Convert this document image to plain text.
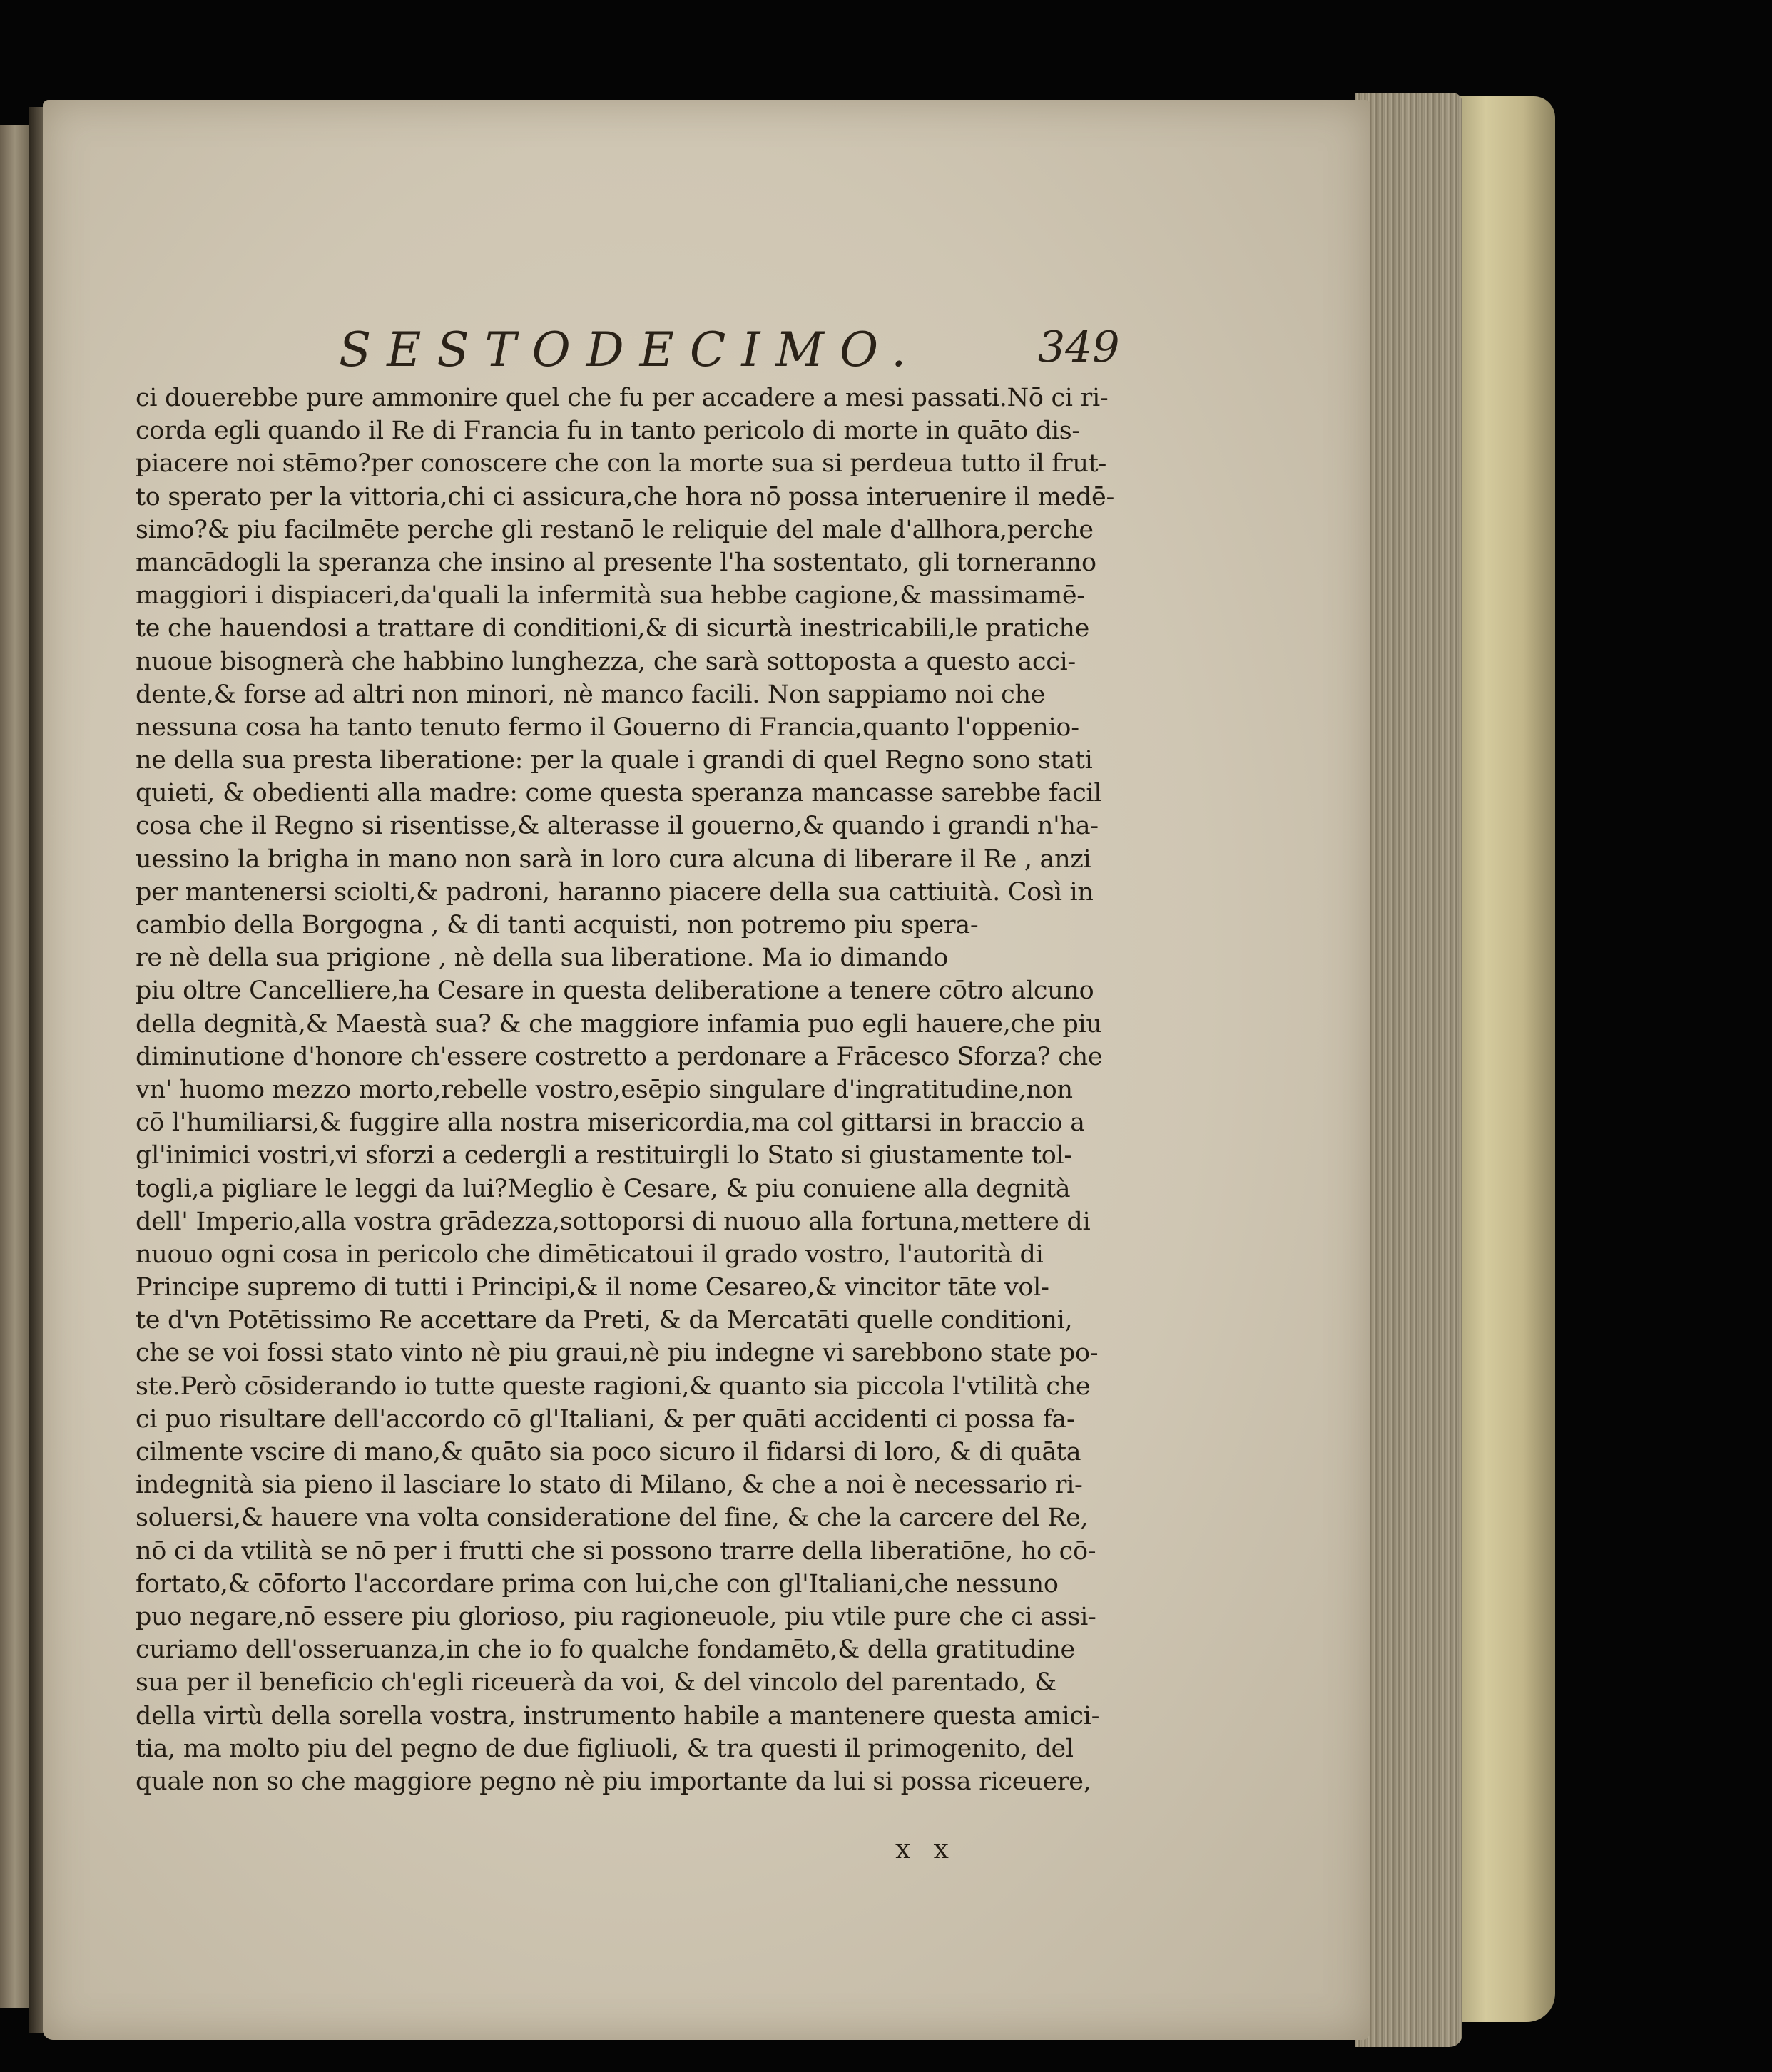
SESTODECIMO.	349
ci douerebbe pure ammonire quel che fu per accadere a mesi passati.Nō ci ri-
corda egli quando il Re di Francia fu in tanto pericolo di morte in quāto dis-
piacere noi stēmo?per conoscere che con la morte sua si perdeua tutto il frut-
to sperato per la vittoria,chi ci assicura,che hora nō possa interuenire il medē-
simo?& piu facilmēte perche gli restanō le reliquie del male d'allhora,perche
mancādogli la speranza che insino al presente l'ha sostentato, gli torneranno
maggiori i dispiaceri,da'quali la infermità sua hebbe cagione,& massimamē-
te che hauendosi a trattare di conditioni,& di sicurtà inestricabili,le pratiche
nuoue bisognerà che habbino lunghezza, che sarà sottoposta a questo acci-
dente,& forse ad altri non minori, nè manco facili. Non sappiamo noi che
nessuna cosa ha tanto tenuto fermo il Gouerno di Francia,quanto l'oppenio-
ne della sua presta liberatione: per la quale i grandi di quel Regno sono stati
quieti, & obedienti alla madre: come questa speranza mancasse sarebbe facil
cosa che il Regno si risentisse,& alterasse il gouerno,& quando i grandi n'ha-
uessino la brigha in mano non sarà in loro cura alcuna di liberare il Re , anzi
per mantenersi sciolti,& padroni, haranno piacere della sua cattiuità. Così in
cambio della Borgogna , & di tanti acquisti, non potremo piu spera-
re nè della sua prigione , nè della sua liberatione. Ma io dimando
piu oltre Cancelliere,ha Cesare in questa deliberatione a tenere cōtro alcuno
della degnità,& Maestà sua? & che maggiore infamia puo egli hauere,che piu
diminutione d'honore ch'essere costretto a perdonare a Frācesco Sforza? che
vn' huomo mezzo morto,rebelle vostro,esēpio singulare d'ingratitudine,non
cō l'humiliarsi,& fuggire alla nostra misericordia,ma col gittarsi in braccio a
gl'inimici vostri,vi sforzi a cedergli a restituirgli lo Stato si giustamente tol-
togli,a pigliare le leggi da lui?Meglio è Cesare, & piu conuiene alla degnità
dell' Imperio,alla vostra grādezza,sottoporsi di nuouo alla fortuna,mettere di
nuouo ogni cosa in pericolo che dimēticatoui il grado vostro, l'autorità di
Principe supremo di tutti i Principi,& il nome Cesareo,& vincitor tāte vol-
te d'vn Potētissimo Re accettare da Preti, & da Mercatāti quelle conditioni,
che se voi fossi stato vinto nè piu graui,nè piu indegne vi sarebbono state po-
ste.Però cōsiderando io tutte queste ragioni,& quanto sia piccola l'vtilità che
ci puo risultare dell'accordo cō gl'Italiani, & per quāti accidenti ci possa fa-
cilmente vscire di mano,& quāto sia poco sicuro il fidarsi di loro, & di quāta
indegnità sia pieno il lasciare lo stato di Milano, & che a noi è necessario ri-
soluersi,& hauere vna volta consideratione del fine, & che la carcere del Re,
nō ci da vtilità se nō per i frutti che si possono trarre della liberatiōne, ho cō-
fortato,& cōforto l'accordare prima con lui,che con gl'Italiani,che nessuno
puo negare,nō essere piu glorioso, piu ragioneuole, piu vtile pure che ci assi-
curiamo dell'osseruanza,in che io fo qualche fondamēto,& della gratitudine
sua per il beneficio ch'egli riceuerà da voi, & del vincolo del parentado, &
della virtù della sorella vostra, instrumento habile a mantenere questa amici-
tia, ma molto piu del pegno de due figliuoli, & tra questi il primogenito, del
quale non so che maggiore pegno nè piu importante da lui si possa riceuere,
x x
